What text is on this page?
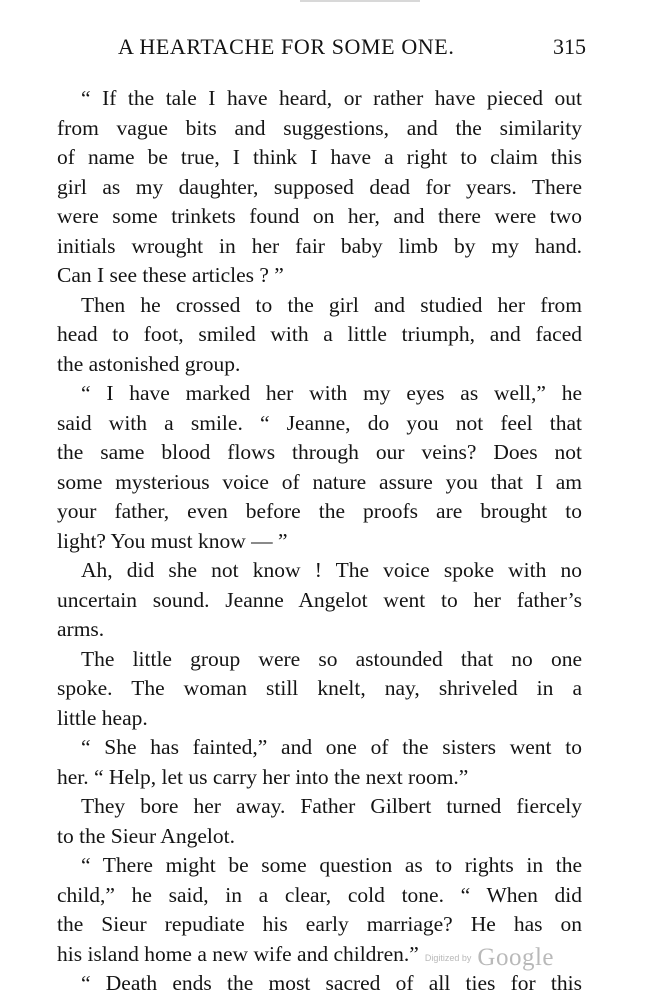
A HEARTACHE FOR SOME ONE.	315
“ If the tale I have heard, or rather have pieced out
from vague bits and suggestions, and the similarity
of name be true, I think I have a right to claim this
girl as my daughter, supposed dead for years. There
were some trinkets found on her, and there were two
initials wrought in her fair baby limb by my hand.
Can I see these articles ? ”
Then he crossed to the girl and studied her from
head to foot, smiled with a little triumph, and faced
the astonished group.
“ I have marked her with my eyes as well,” he
said with a smile. “ Jeanne, do you not feel that
the same blood flows through our veins? Does not
some mysterious voice of nature assure you that I am
your father, even before the proofs are brought to
light? You must know — ”
Ah, did she not know ! The voice spoke with no
uncertain sound. Jeanne Angelot went to her father’s
arms.
The little group were so astounded that no one
spoke. The woman still knelt, nay, shriveled in a
little heap.
“ She has fainted,” and one of the sisters went to
her. “ Help, let us carry her into the next room.”
They bore her away. Father Gilbert turned fiercely
to the Sieur Angelot.
“ There might be some question as to rights in the
child,” he said, in a clear, cold tone. “ When did
the Sieur repudiate his early marriage? He has on
his island home a new wife and children.”
“ Death ends the most sacred of all ties for this
Digitized by Google
